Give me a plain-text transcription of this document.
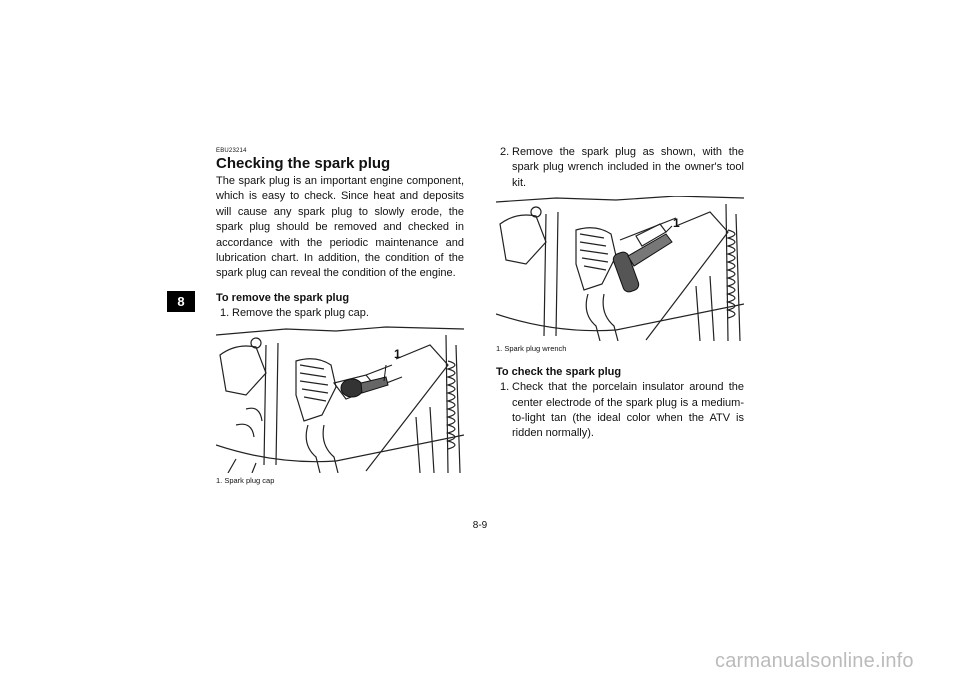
8
EBU23214
Checking the spark plug

The spark plug is an important engine component, which is easy to check. Since heat and deposits will cause any spark plug to slowly erode, the spark plug should be removed and checked in accordance with the periodic maintenance and lubrication chart. In addition, the condition of the spark plug can reveal the condition of the engine.

To remove the spark plug
1. Remove the spark plug cap.
1
1. Spark plug cap
2. Remove the spark plug as shown, with the spark plug wrench included in the owner's tool kit.
1
1. Spark plug wrench
To check the spark plug
1. Check that the porcelain insulator around the center electrode of the spark plug is a medium-to-light tan (the ideal color when the ATV is ridden normally).
8-9
carmanualsonline.info
